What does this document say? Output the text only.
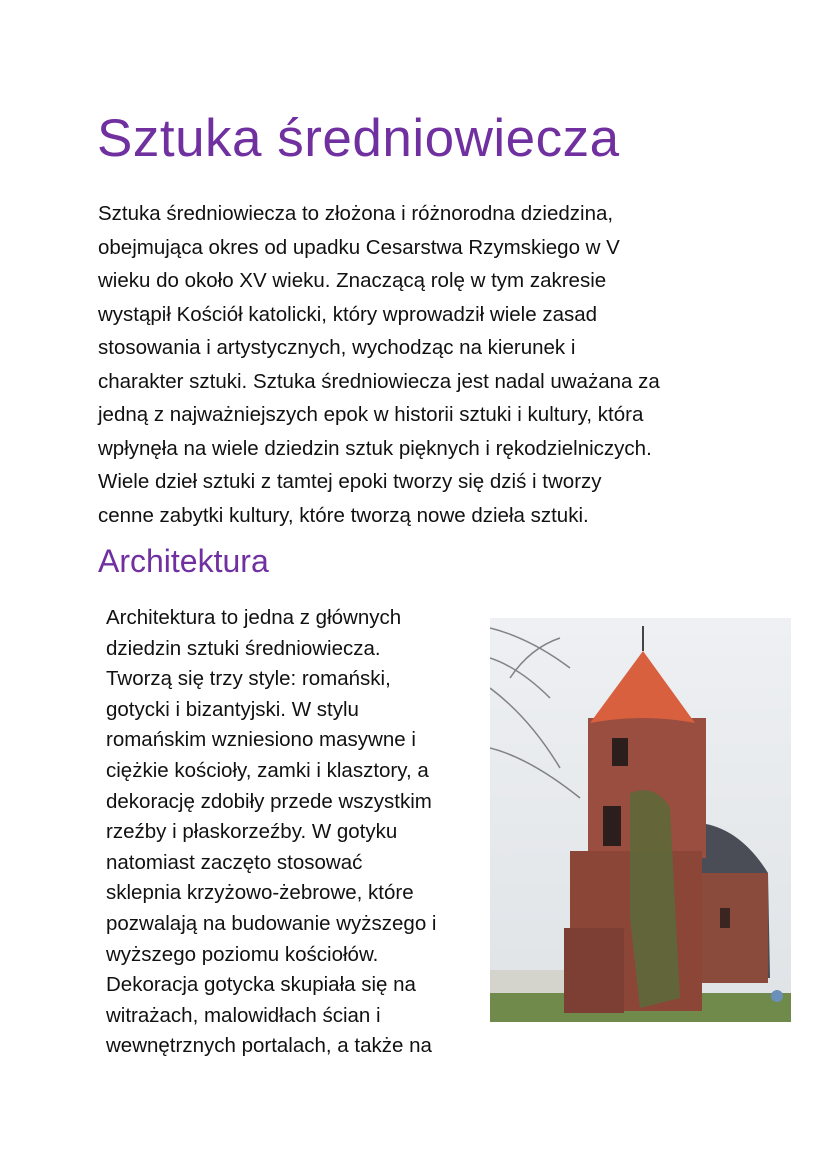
Sztuka średniowiecza
Sztuka średniowiecza to złożona i różnorodna dziedzina,
obejmująca okres od upadku Cesarstwa Rzymskiego w V
wieku do około XV wieku. Znaczącą rolę w tym zakresie
wystąpił Kościół katolicki, który wprowadził wiele zasad
stosowania i artystycznych, wychodząc na kierunek i
charakter sztuki. Sztuka średniowiecza jest nadal uważana za
jedną z najważniejszych epok w historii sztuki i kultury, która
wpłynęła na wiele dziedzin sztuk pięknych i rękodzielniczych.
Wiele dzieł sztuki z tamtej epoki tworzy się dziś i tworzy
cenne zabytki kultury, które tworzą nowe dzieła sztuki.
Architektura
Architektura to jedna z głównych
dziedzin sztuki średniowiecza.
Tworzą się trzy style: romański,
gotycki i bizantyjski. W stylu
romańskim wzniesiono masywne i
ciężkie kościoły, zamki i klasztory, a
dekorację zdobiły przede wszystkim
rzeźby i płaskorzeźby. W gotyku
natomiast zaczęto stosować
sklepnia krzyżowo-żebrowe, które
pozwalają na budowanie wyższego i
wyższego poziomu kościołów.
Dekoracja gotycka skupiała się na
witrażach, malowidłach ścian i
wewnętrznych portalach, a także na
